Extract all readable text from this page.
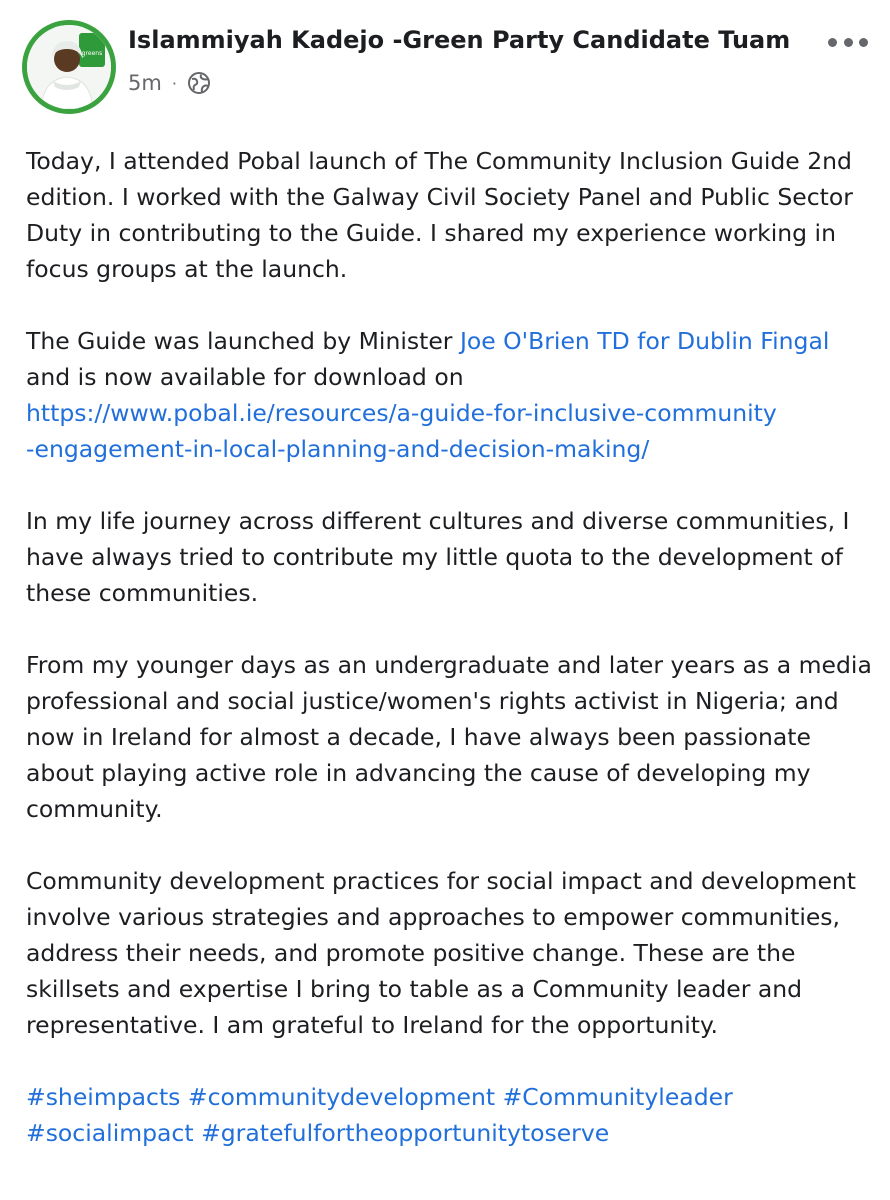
greens Islammiyah Kadejo -Green Party Candidate Tuam
5m ·

Today, I attended Pobal launch of The Community Inclusion Guide 2nd edition. I worked with the Galway Civil Society Panel and Public Sector Duty in contributing to the Guide. I shared my experience working in focus groups at the launch.

The Guide was launched by Minister Joe O'Brien TD for Dublin Fingal and is now available for download on
https://www.pobal.ie/resources/a-guide-for-inclusive-community
-engagement-in-local-planning-and-decision-making/

In my life journey across different cultures and diverse communities, I have always tried to contribute my little quota to the development of these communities.

From my younger days as an undergraduate and later years as a media professional and social justice/women's rights activist in Nigeria; and now in Ireland for almost a decade, I have always been passionate about playing active role in advancing the cause of developing my community.

Community development practices for social impact and development involve various strategies and approaches to empower communities, address their needs, and promote positive change. These are the skillsets and expertise I bring to table as a Community leader and representative. I am grateful to Ireland for the opportunity.

#sheimpacts #communitydevelopment #Communityleader #socialimpact #gratefulfortheopportunitytoserve
